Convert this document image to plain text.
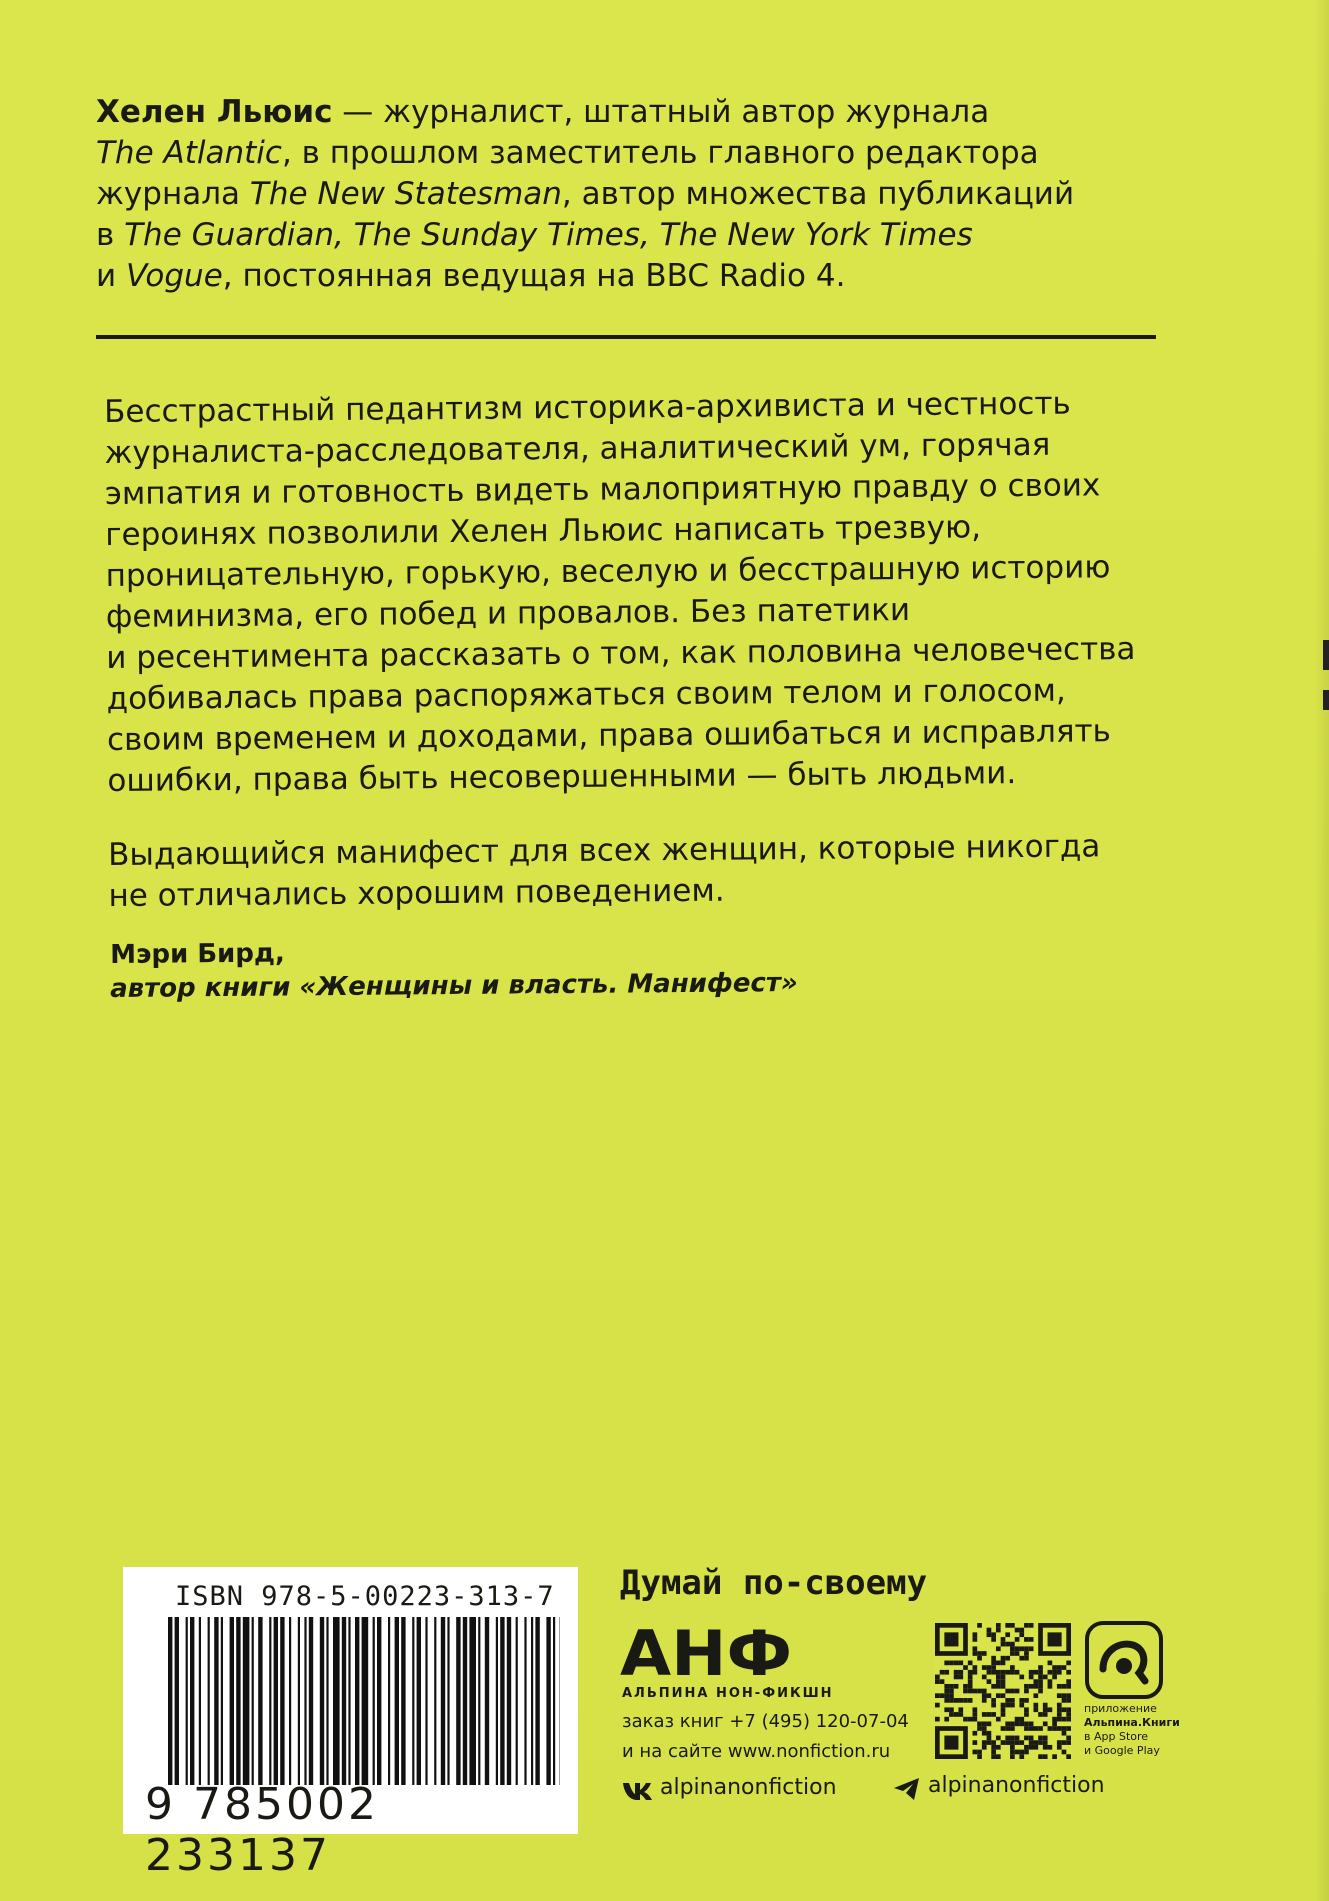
Хелен Льюис — журналист, штатный автор журнала
The Atlantic, в прошлом заместитель главного редактора
журнала The New Statesman, автор множества публикаций
в The Guardian, The Sunday Times, The New York Times
и Vogue, постоянная ведущая на BBC Radio 4.
Бесстрастный педантизм историка-архивиста и честность
журналиста-расследователя, аналитический ум, горячая
эмпатия и готовность видеть малоприятную правду о своих
героинях позволили Хелен Льюис написать трезвую,
проницательную, горькую, веселую и бесстрашную историю
феминизма, его побед и провалов. Без патетики
и ресентимента рассказать о том, как половина человечества
добивалась права распоряжаться своим телом и голосом,
своим временем и доходами, права ошибаться и исправлять
ошибки, права быть несовершенными — быть людьми.
Выдающийся манифест для всех женщин, которые никогда
не отличались хорошим поведением.
Мэри Бирд,
автор книги «Женщины и власть. Манифест»
ISBN 978-5-00223-313-7
9 785002 233137
Думай по-своему
АНФ
АЛЬПИНА НОН-ФИКШН
заказ книг +7 (495) 120-07-04
и на сайте www.nonfiction.ru
приложение
Альпина.Книги
в App Store
и Google Play
alpinanonfiction	alpinanonfiction
